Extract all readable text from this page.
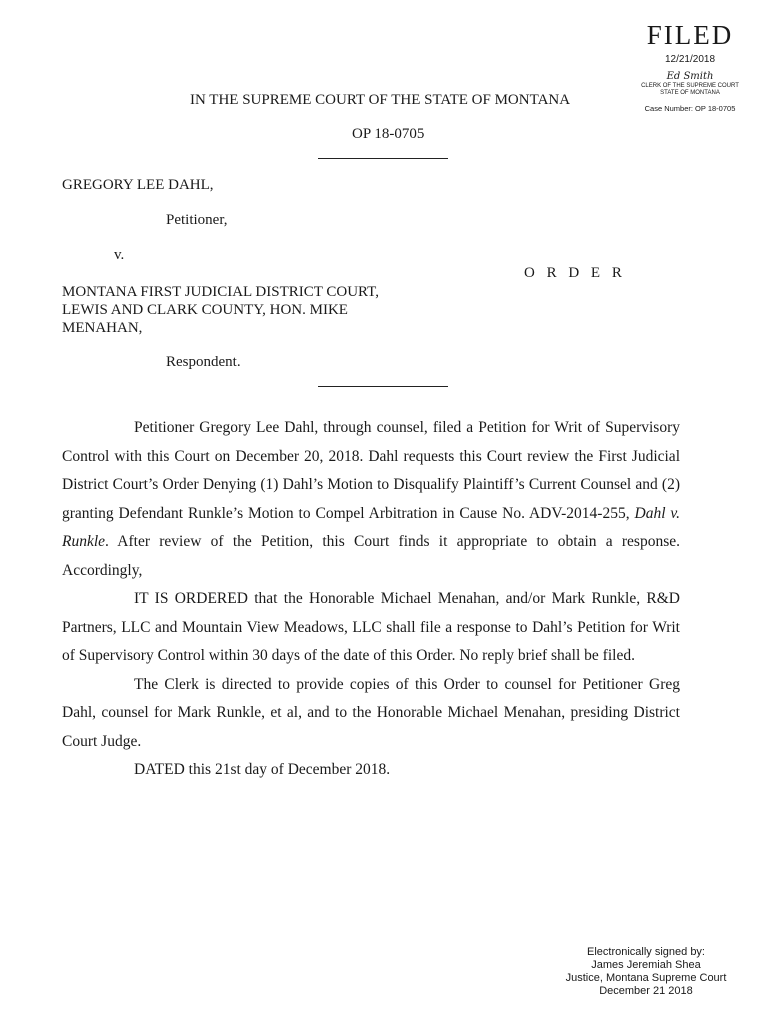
FILED
12/21/2018
Ed Smith
CLERK OF THE SUPREME COURT
STATE OF MONTANA
Case Number: OP 18-0705
IN THE SUPREME COURT OF THE STATE OF MONTANA
OP 18-0705
GREGORY LEE DAHL,
Petitioner,
v.
O R D E R
MONTANA FIRST JUDICIAL DISTRICT COURT,
LEWIS AND CLARK COUNTY, HON. MIKE
MENAHAN,
Respondent.

Petitioner Gregory Lee Dahl, through counsel, filed a Petition for Writ of Supervisory Control with this Court on December 20, 2018. Dahl requests this Court review the First Judicial District Court’s Order Denying (1) Dahl’s Motion to Disqualify Plaintiff’s Current Counsel and (2) granting Defendant Runkle’s Motion to Compel Arbitration in Cause No. ADV-2014-255, Dahl v. Runkle. After review of the Petition, this Court finds it appropriate to obtain a response. Accordingly,

IT IS ORDERED that the Honorable Michael Menahan, and/or Mark Runkle, R&D Partners, LLC and Mountain View Meadows, LLC shall file a response to Dahl’s Petition for Writ of Supervisory Control within 30 days of the date of this Order. No reply brief shall be filed.

The Clerk is directed to provide copies of this Order to counsel for Petitioner Greg Dahl, counsel for Mark Runkle, et al, and to the Honorable Michael Menahan, presiding District Court Judge.

DATED this 21st day of December 2018.

Electronically signed by:
James Jeremiah Shea
Justice, Montana Supreme Court
December 21 2018
